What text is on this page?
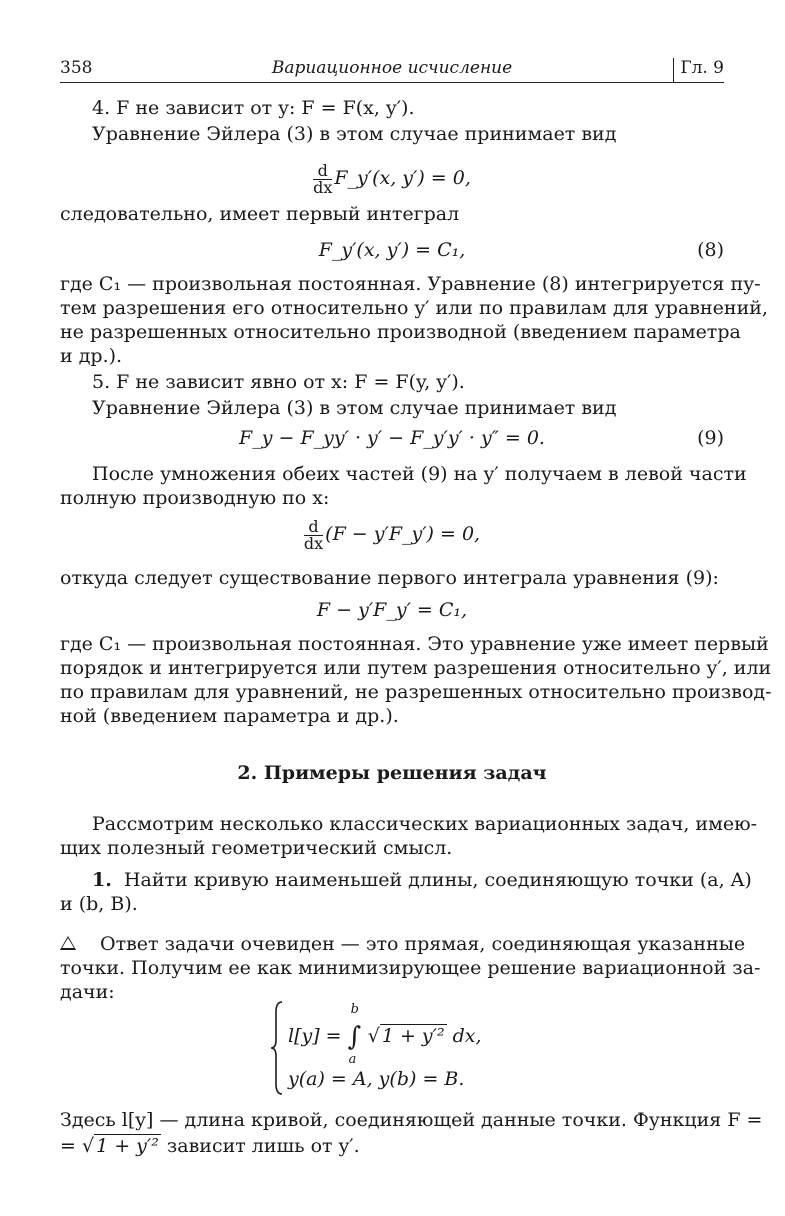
358	Вариационное исчисление	Гл. 9
4. F не зависит от y: F = F(x, y′).
Уравнение Эйлера (3) в этом случае принимает вид
$\frac{d}{dx}$ F_y′(x, y′) = 0,
следовательно, имеет первый интеграл
F_y′(x, y′) = C₁,	(8)
где C₁ — произвольная постоянная. Уравнение (8) интегрируется пу-
тем разрешения его относительно y′ или по правилам для уравнений,
не разрешенных относительно производной (введением параметра
и др.).
5. F не зависит явно от x: F = F(y, y′).
Уравнение Эйлера (3) в этом случае принимает вид
F_y − F_yy′ · y′ − F_y′y′ · y″ = 0.	(9)
После умножения обеих частей (9) на y′ получаем в левой части
полную производную по x:
$\frac{d}{dx} (F$ − y′F_y′) = 0,
откуда следует существование первого интеграла уравнения (9):
F − y′F_y′ = C₁,
где C₁ — произвольная постоянная. Это уравнение уже имеет первый
порядок и интегрируется или путем разрешения относительно y′, или
по правилам для уравнений, не разрешенных относительно производ-
ной (введением параметра и др.).
2. Примеры решения задач
Рассмотрим несколько классических вариационных задач, имею-
щих полезный геометрический смысл.
1. Найти кривую наименьшей длины, соединяющую точки (a, A)
и (b, B).
Ответ задачи очевиден — это прямая, соединяющая указанные
точки. Получим ее как минимизирующее решение вариационной за-
дачи:
l[y] = ∫
b
a
√ 1 + y′² dx,
y(a) = A, y(b) = B.
Здесь l[y] — длина кривой, соединяющей данные точки. Функция F =
= √ 1 + y′² зависит лишь от y′.
